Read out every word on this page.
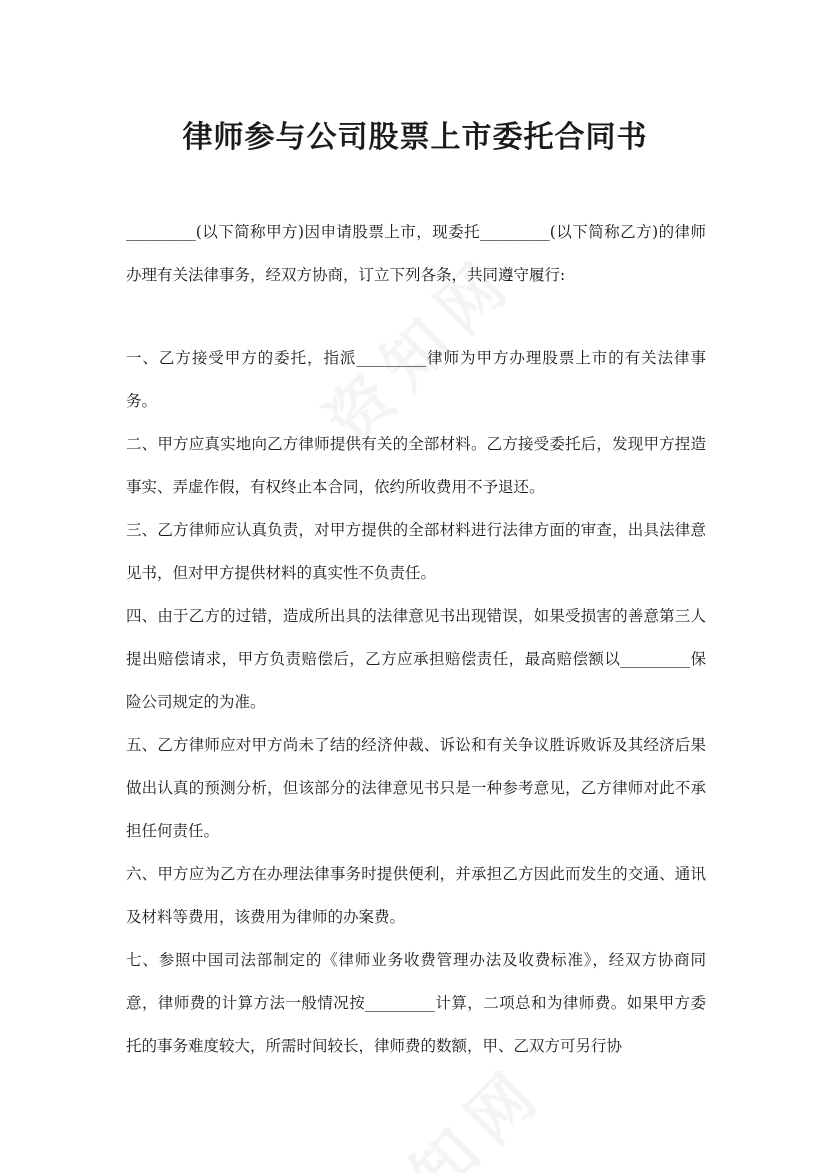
律师参与公司股票上市委托合同书

_________(以下简称甲方)因申请股票上市，现委托_________(以下简称乙方)的律师办理有关法律事务，经双方协商，订立下列各条，共同遵守履行:

一、乙方接受甲方的委托，指派_________律师为甲方办理股票上市的有关法律事务。

二、甲方应真实地向乙方律师提供有关的全部材料。乙方接受委托后，发现甲方捏造事实、弄虚作假，有权终止本合同，依约所收费用不予退还。

三、乙方律师应认真负责，对甲方提供的全部材料进行法律方面的审查，出具法律意见书，但对甲方提供材料的真实性不负责任。

四、由于乙方的过错，造成所出具的法律意见书出现错误，如果受损害的善意第三人提出赔偿请求，甲方负责赔偿后，乙方应承担赔偿责任，最高赔偿额以_________保险公司规定的为准。

五、乙方律师应对甲方尚未了结的经济仲裁、诉讼和有关争议胜诉败诉及其经济后果做出认真的预测分析，但该部分的法律意见书只是一种参考意见，乙方律师对此不承担任何责任。

六、甲方应为乙方在办理法律事务时提供便利，并承担乙方因此而发生的交通、通讯及材料等费用，该费用为律师的办案费。

七、参照中国司法部制定的《律师业务收费管理办法及收费标准》，经双方协商同意，律师费的计算方法一般情况按_________计算，二项总和为律师费。如果甲方委托的事务难度较大，所需时间较长，律师费的数额，甲、乙双方可另行协
